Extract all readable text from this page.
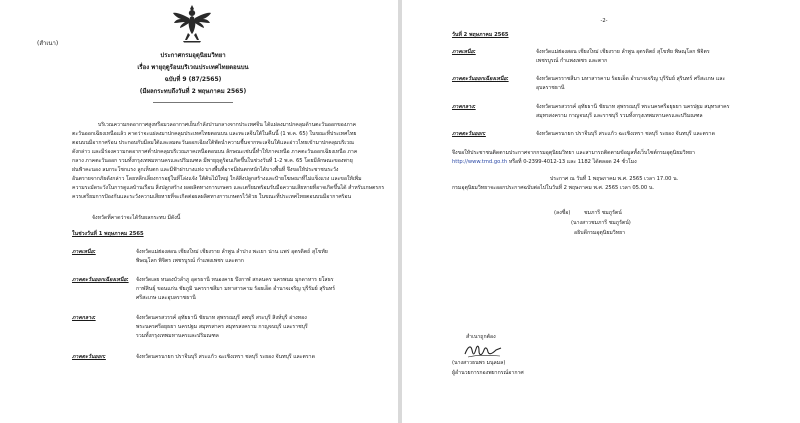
(สำเนา)
ประกาศกรมอุตุนิยมวิทยา
เรื่อง พายุฤดูร้อนบริเวณประเทศไทยตอนบน
ฉบับที่ 9 (87/2565)
(มีผลกระทบถึงวันที่ 2 พฤษภาคม 2565)
บริเวณความกดอากาศสูงหรือมวลอากาศเย็นกำลังปานกลางจากประเทศจีน ได้แผ่ลงมาปกคลุมด้านตะวันออกของภาค
ตะวันออกเฉียงเหนือแล้ว คาดว่าจะแผ่ลงมาปกคลุมประเทศไทยตอนบน และทะเลจีนใต้ในคืนนี้ (1 พ.ค. 65) ในขณะที่ประเทศไทย
ตอนบนมีอากาศร้อน ประกอบกับมีลมใต้และลมตะวันออกเฉียงใต้พัดนำความชื้นจากทะเลจีนใต้และอ่าวไทยเข้ามาปกคลุมบริเวณ
ดังกล่าว และมีร่องความกดอากาศต่ำปกคลุมบริเวณภาคเหนือตอนบน ลักษณะเช่นนี้ทำให้ภาคเหนือ ภาคตะวันออกเฉียงเหนือ ภาค
กลาง ภาคตะวันออก รวมทั้งกรุงเทพมหานครและปริมณฑล มีพายุฤดูร้อนเกิดขึ้นในช่วงวันที่ 1-2 พ.ค. 65 โดยมีลักษณะของพายุ
ฝนฟ้าคะนอง ลมกระโชกแรง ลูกเห็บตก และมีฟ้าผ่าบางแห่ง บางพื้นที่อาจมีฝนตกหนักได้บางพื้นที่ จึงขอให้ประชาชนระวัง
อันตรายจากภัยดังกล่าว โดยหลีกเลี่ยงการอยู่ในที่โล่งแจ้ง ใต้ต้นไม้ใหญ่ ใกล้สิ่งปลูกสร้างและป้ายโฆษณาที่ไม่แข็งแรง และขอให้เพิ่ม
ความระมัดระวังในการดูแลบ้านเรือน สิ่งปลูกสร้าง ผลผลิตทางการเกษตร และเตรียมพร้อมรับมือความเสียหายที่อาจเกิดขึ้นได้ สำหรับเกษตรกร
ควรเตรียมการป้องกันและระวังความเสียหายที่จะเกิดต่อผลผลิตทางการเกษตรไว้ด้วย ในขณะที่ประเทศไทยตอนบนมีอากาศร้อน
จังหวัดที่คาดว่าจะได้รับผลกระทบ มีดังนี้
ในช่วงวันที่ 1 พฤษภาคม 2565
ภาคเหนือ:	จังหวัดแม่ฮ่องสอน เชียงใหม่ เชียงราย ลำพูน ลำปาง พะเยา น่าน แพร่ อุตรดิตถ์ สุโขทัย
พิษณุโลก พิจิตร เพชรบูรณ์ กำแพงเพชร และตาก
ภาคตะวันออกเฉียงเหนือ: จังหวัดเลย หนองบัวลำภู อุดรธานี หนองคาย บึงกาฬ สกลนคร นครพนม มุกดาหาร ยโสธร
กาฬสินธุ์ ขอนแก่น ชัยภูมิ นครราชสีมา มหาสารคาม ร้อยเอ็ด อำนาจเจริญ บุรีรัมย์ สุรินทร์
ศรีสะเกษ และอุบลราชธานี
ภาคกลาง:	จังหวัดนครสวรรค์ อุทัยธานี ชัยนาท สุพรรณบุรี ลพบุรี สระบุรี สิงห์บุรี อ่างทอง
พระนครศรีอยุธยา นครปฐม สมุทรสาคร สมุทรสงคราม กาญจนบุรี และราชบุรี
รวมทั้งกรุงเทพมหานครและปริมณฑล
ภาคตะวันออก:	จังหวัดนครนายก ปราจีนบุรี สระแก้ว ฉะเชิงเทรา ชลบุรี ระยอง จันทบุรี และตราด
-2-
วันที่ 2 พฤษภาคม 2565
ภาคเหนือ:	จังหวัดแม่ฮ่องสอน เชียงใหม่ เชียงราย ลำพูน อุตรดิตถ์ สุโขทัย พิษณุโลก พิจิตร
เพชรบูรณ์ กำแพงเพชร และตาก
ภาคตะวันออกเฉียงเหนือ:	จังหวัดนครราชสีมา มหาสารคาม ร้อยเอ็ด อำนาจเจริญ บุรีรัมย์ สุรินทร์ ศรีสะเกษ และ
อุบลราชธานี
ภาคกลาง:	จังหวัดนครสวรรค์ อุทัยธานี ชัยนาท สุพรรณบุรี พระนครศรีอยุธยา นครปฐม สมุทรสาคร
สมุทรสงคราม กาญจนบุรี และราชบุรี รวมทั้งกรุงเทพมหานครและปริมณฑล
ภาคตะวันออก:	จังหวัดนครนายก ปราจีนบุรี สระแก้ว ฉะเชิงเทรา ชลบุรี ระยอง จันทบุรี และตราด
จึงขอให้ประชาชนติดตามประกาศจากกรมอุตุนิยมวิทยา และสามารถติดตามข้อมูลทั้งเว็บไซต์กรมอุตุนิยมวิทยา
http://www.tmd.go.th หรือที่ 0-2399-4012-13 และ 1182 ได้ตลอด 24 ชั่วโมง
ประกาศ ณ วันที่ 1 พฤษภาคม พ.ศ. 2565 เวลา 17.00 น.
กรมอุตุนิยมวิทยาจะออกประกาศฉบับต่อไปในวันที่ 2 พฤษภาคม พ.ศ. 2565 เวลา 05.00 น.
(ลงชื่อ)	ชมภารี ชมภูรัตน์
(นางสาวชมภารี ชมภูรัตน์)
อธิบดีกรมอุตุนิยมวิทยา
สำเนาถูกต้อง
(นางสาวธนพร มนุลมล)
ผู้อำนวยการกองพยากรณ์อากาศ
